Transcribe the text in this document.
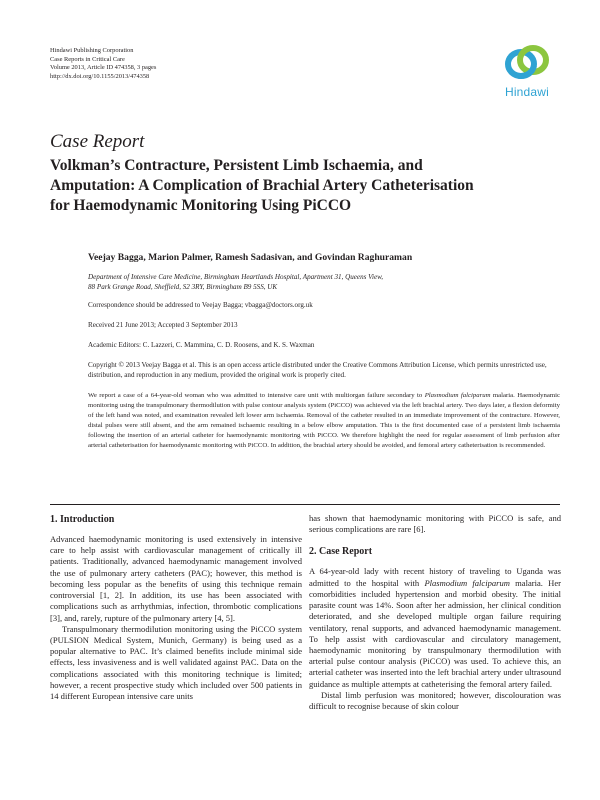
Hindawi Publishing Corporation
Case Reports in Critical Care
Volume 2013, Article ID 474358, 3 pages
http://dx.doi.org/10.1155/2013/474358
Hindawi
Case Report
Volkman’s Contracture, Persistent Limb Ischaemia, and
Amputation: A Complication of Brachial Artery Catheterisation
for Haemodynamic Monitoring Using PiCCO
Veejay Bagga, Marion Palmer, Ramesh Sadasivan, and Govindan Raghuraman
Department of Intensive Care Medicine, Birmingham Heartlands Hospital, Apartment 31, Queens View,
88 Park Grange Road, Sheffield, S2 3RY, Birmingham B9 5SS, UK
Correspondence should be addressed to Veejay Bagga; vbagga@doctors.org.uk
Received 21 June 2013; Accepted 3 September 2013
Academic Editors: C. Lazzeri, C. Mammina, C. D. Roosens, and K. S. Waxman
Copyright © 2013 Veejay Bagga et al. This is an open access article distributed under the Creative Commons Attribution License, which permits unrestricted use, distribution, and reproduction in any medium, provided the original work is properly cited.

We report a case of a 64-year-old woman who was admitted to intensive care unit with multiorgan failure secondary to Plasmodium falciparum malaria. Haemodynamic monitoring using the transpulmonary thermodilution with pulse contour analysis system (PiCCO) was achieved via the left brachial artery. Two days later, a flexion deformity of the left hand was noted, and examination revealed left lower arm ischaemia. Removal of the catheter resulted in an immediate improvement of the contracture. However, distal pulses were still absent, and the arm remained ischaemic resulting in a below elbow amputation. This is the first documented case of a persistent limb ischaemia following the insertion of an arterial catheter for haemodynamic monitoring with PiCCO. We therefore highlight the need for regular assessment of limb perfusion after arterial catheterisation for haemodynamic monitoring with PiCCO. In addition, the brachial artery should be avoided, and femoral artery catheterisation is recommended.

1. Introduction

Advanced haemodynamic monitoring is used extensively in intensive care to help assist with cardiovascular management of critically ill patients. Traditionally, advanced haemodynamic management involved the use of pulmonary artery catheters (PAC); however, this method is becoming less popular as the benefits of using this technique remain controversial [1, 2]. In addition, its use has been associated with complications such as arrhythmias, infection, thrombotic complications [3], and, rarely, rupture of the pulmonary artery [4, 5].

Transpulmonary thermodilution monitoring using the PiCCO system (PULSION Medical System, Munich, Germany) is being used as a popular alternative to PAC. It’s claimed benefits include minimal side effects, less invasiveness and is well validated against PAC. Data on the complications associated with this monitoring technique is limited; however, a recent prospective study which included over 500 patients in 14 different European intensive care units

has shown that haemodynamic monitoring with PiCCO is safe, and serious complications are rare [6].

2. Case Report

A 64-year-old lady with recent history of traveling to Uganda was admitted to the hospital with Plasmodium falciparum malaria. Her comorbidities included hypertension and morbid obesity. The initial parasite count was 14%. Soon after her admission, her clinical condition deteriorated, and she developed multiple organ failure requiring ventilatory, renal supports, and advanced haemodynamic management. To help assist with cardiovascular and circulatory management, haemodynamic monitoring by transpulmonary thermodilution with arterial pulse contour analysis (PiCCO) was used. To achieve this, an arterial catheter was inserted into the left brachial artery under ultrasound guidance as multiple attempts at catheterising the femoral artery failed.

Distal limb perfusion was monitored; however, discolouration was difficult to recognise because of skin colour
